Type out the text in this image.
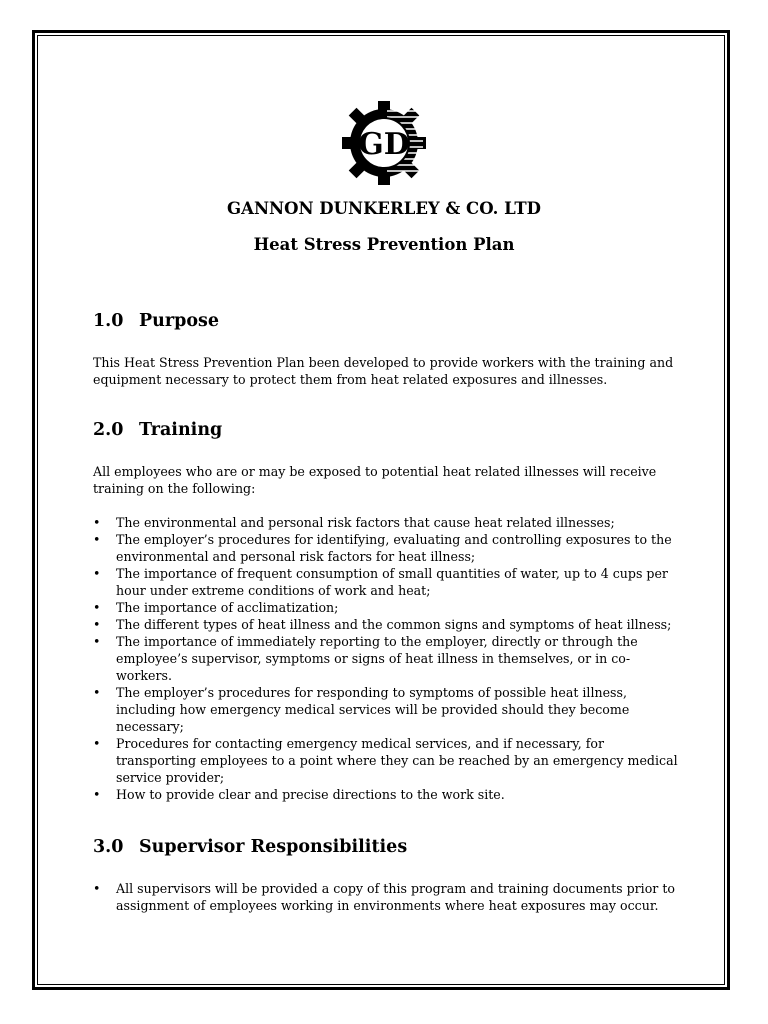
GD

GANNON DUNKERLEY & CO. LTD

Heat Stress Prevention Plan

1.0 Purpose

This Heat Stress Prevention Plan been developed to provide workers with the training and equipment necessary to protect them from heat related exposures and illnesses.

2.0 Training

All employees who are or may be exposed to potential heat related illnesses will receive training on the following:

• The environmental and personal risk factors that cause heat related illnesses;
• The employer’s procedures for identifying, evaluating and controlling exposures to the environmental and personal risk factors for heat illness;
• The importance of frequent consumption of small quantities of water, up to 4 cups per hour under extreme conditions of work and heat;
• The importance of acclimatization;
• The different types of heat illness and the common signs and symptoms of heat illness;
• The importance of immediately reporting to the employer, directly or through the employee’s supervisor, symptoms or signs of heat illness in themselves, or in co-workers.
• The employer’s procedures for responding to symptoms of possible heat illness, including how emergency medical services will be provided should they become necessary;
• Procedures for contacting emergency medical services, and if necessary, for transporting employees to a point where they can be reached by an emergency medical service provider;
• How to provide clear and precise directions to the work site.

3.0 Supervisor Responsibilities

• All supervisors will be provided a copy of this program and training documents prior to assignment of employees working in environments where heat exposures may occur.
